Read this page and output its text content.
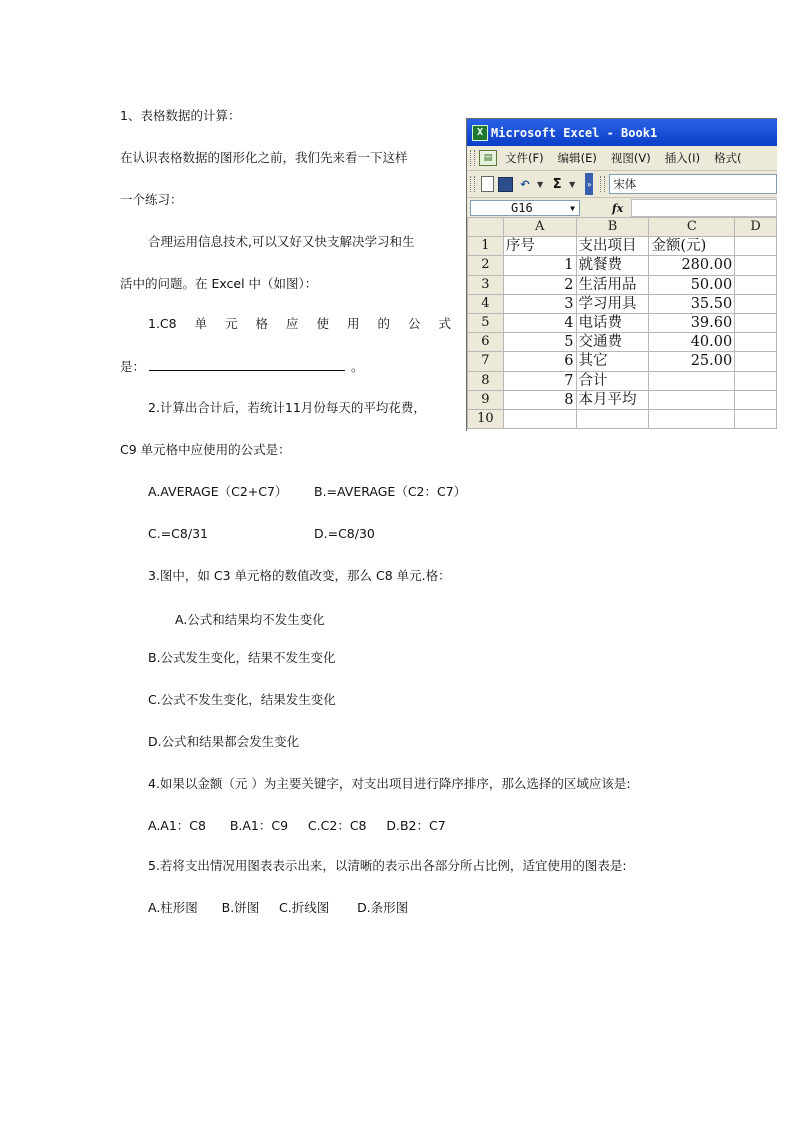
1、表格数据的计算：
在认识表格数据的图形化之前，我们先来看一下这样
一个练习：
合理运用信息技术,可以又好又快支解决学习和生
活中的问题。在 Excel 中（如图）：
1.C8 单 元 格 应 使 用 的 公 式
是：	。
2.计算出合计后，若统计11月份每天的平均花费，
C9 单元格中应使用的公式是：
A.AVERAGE（C2+C7） B.=AVERAGE（C2：C7）
C.=C8/31	D.=C8/30
3.图中，如 C3 单元格的数值改变，那么 C8 单元.格：
A.公式和结果均不发生变化
B.公式发生变化，结果不发生变化
C.公式不发生变化，结果发生变化
D.公式和结果都会发生变化
4.如果以金额（元 ）为主要关键字，对支出项目进行降序排序，那么选择的区域应该是:
A.A1：C8      B.A1：C9     C.C2：C8     D.B2：C7
5.若将支出情况用图表表示出来，以清晰的表示出各部分所占比例，适宜使用的图表是:
A.柱形图      B.饼图     C.折线图       D.条形图
X Microsoft Excel - Book1
▤	文件(F) 编辑(E) 视图(V) 插入(I) 格式(
↶ ▼ Σ ▼ »	宋体
G16	▼	fx
	A	B	C	D
1	序号	支出项目	金额(元)	
2	1	就餐费	280.00	
3	2	生活用品	50.00	
4	3	学习用具	35.50	
5	4	电话费	39.60	
6	5	交通费	40.00	
7	6	其它	25.00	
8	7	合计		
9	8	本月平均		
10				
